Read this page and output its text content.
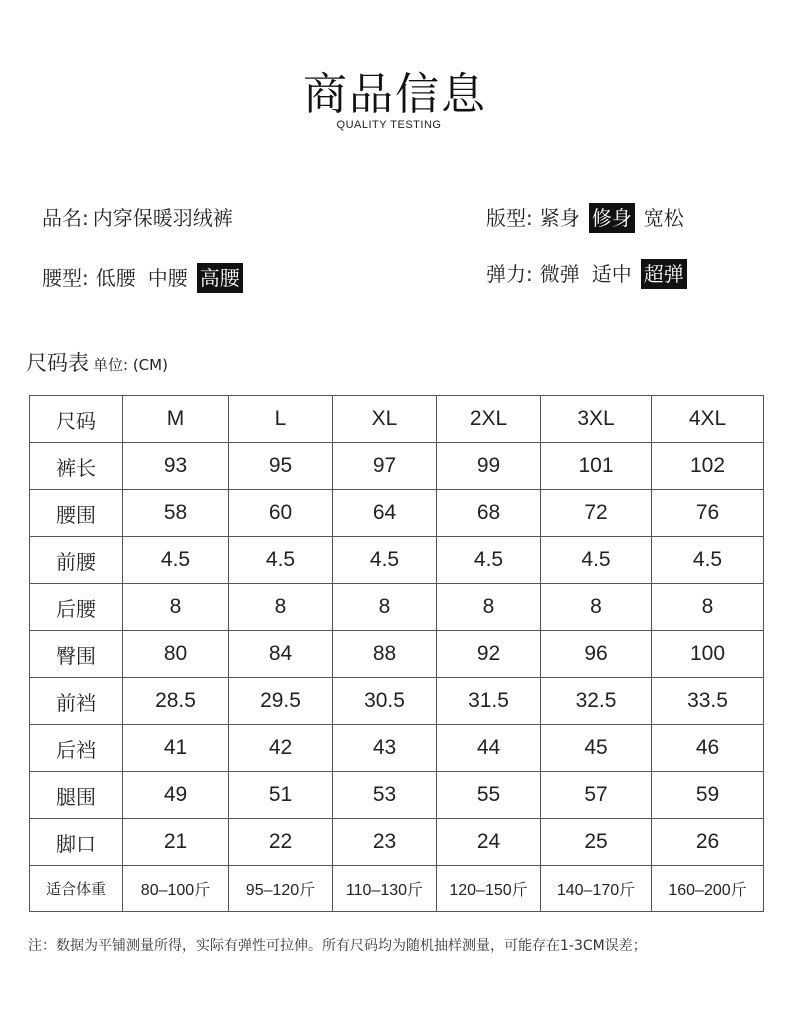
商品信息
QUALITY TESTING
品名: 内穿保暖羽绒裤	版型: 紧身 修身 宽松
腰型: 低腰 中腰 高腰	弹力: 微弹 适中 超弹
尺码表 单位: (CM)
尺码	M	L	XL	2XL	3XL	4XL
裤长	93	95	97	99	101	102
腰围	58	60	64	68	72	76
前腰	4.5	4.5	4.5	4.5	4.5	4.5
后腰	8	8	8	8	8	8
臀围	80	84	88	92	96	100
前裆	28.5	29.5	30.5	31.5	32.5	33.5
后裆	41	42	43	44	45	46
腿围	49	51	53	55	57	59
脚口	21	22	23	24	25	26
适合体重	80–100斤	95–120斤	110–130斤	120–150斤	140–170斤	160–200斤
注：数据为平铺测量所得，实际有弹性可拉伸。所有尺码均为随机抽样测量，可能存在1-3CM误差；
